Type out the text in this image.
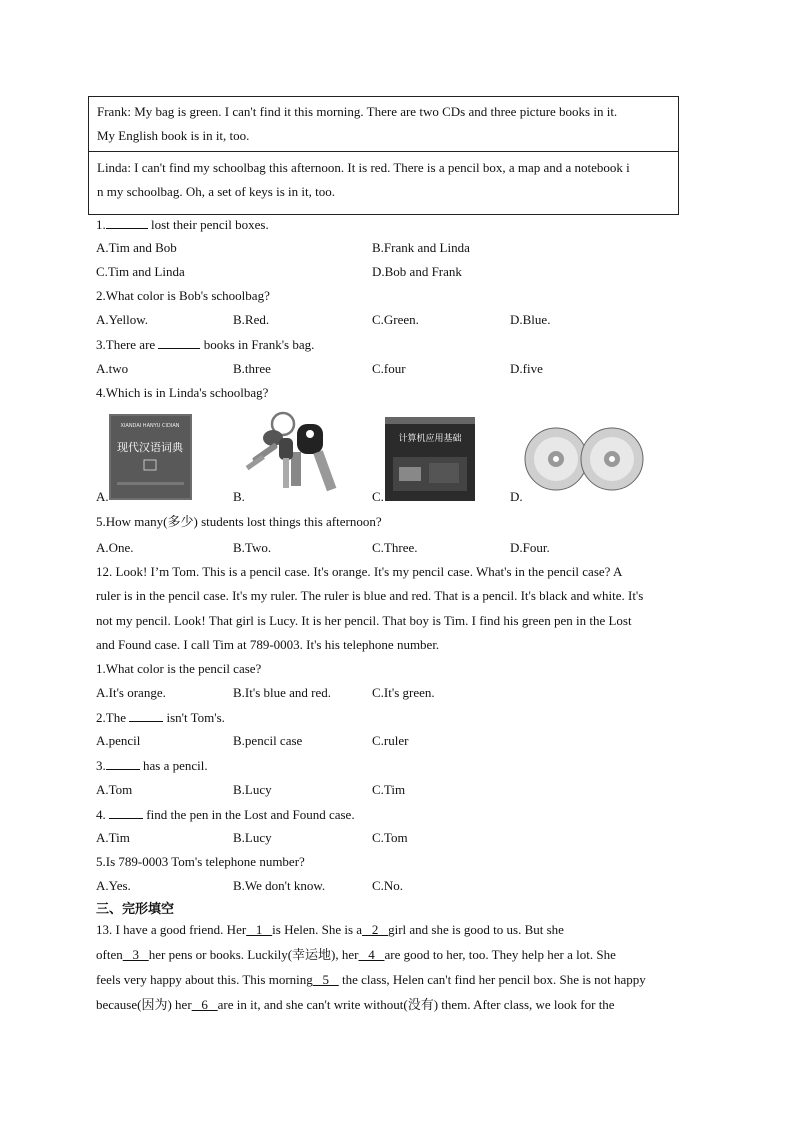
Frank: My bag is green. I can't find it this morning. There are two CDs and three picture books in it.

My English book is in it, too.

Linda: I can't find my schoolbag this afternoon. It is red. There is a pencil box, a map and a notebook i

n my schoolbag. Oh, a set of keys is in it, too.

1.	lost their pencil boxes.
A.Tim and Bob	B.Frank and Linda
C.Tim and Linda	D.Bob and Frank
2.What color is Bob's schoolbag?
A.Yellow.	B.Red.	C.Green.	D.Blue.
3.There are	books in Frank's bag.
A.two	B.three	C.four	D.five
4.Which is in Linda's schoolbag?
A.
XIANDAI HANYU CIDIAN
现代汉语词典
B.	C.
计算机应用基础
D.
5.How many(多少) students lost things this afternoon?
A.One.	B.Two.	C.Three.	D.Four.
12. Look! I’m Tom. This is a pencil case. It's orange. It's my pencil case. What's in the pencil case? A
ruler is in the pencil case. It's my ruler. The ruler is blue and red. That is a pencil. It's black and white. It's
not my pencil. Look! That girl is Lucy. It is her pencil. That boy is Tim. I find his green pen in the Lost
and Found case. I call Tim at 789-0003. It's his telephone number.
1.What color is the pencil case?
A.It's orange.	B.It's blue and red.	C.It's green.
2.The	isn't Tom's.
A.pencil	B.pencil case	C.ruler
3.	has a pencil.
A.Tom	B.Lucy	C.Tim
4.	find the pen in the Lost and Found case.
A.Tim	B.Lucy	C.Tom
5.Is 789-0003 Tom's telephone number?
A.Yes.	B.We don't know.	C.No.
三、完形填空
13. I have a good friend. Her   1   is Helen. She is a   2   girl and she is good to us. But she
often   3   her pens or books. Luckily(幸运地), her   4   are good to her, too. They help her a lot. She
feels very happy about this. This morning   5    the class, Helen can't find her pencil box. She is not happy
because(因为) her   6   are in it, and she can't write without(没有) them. After class, we look for the
